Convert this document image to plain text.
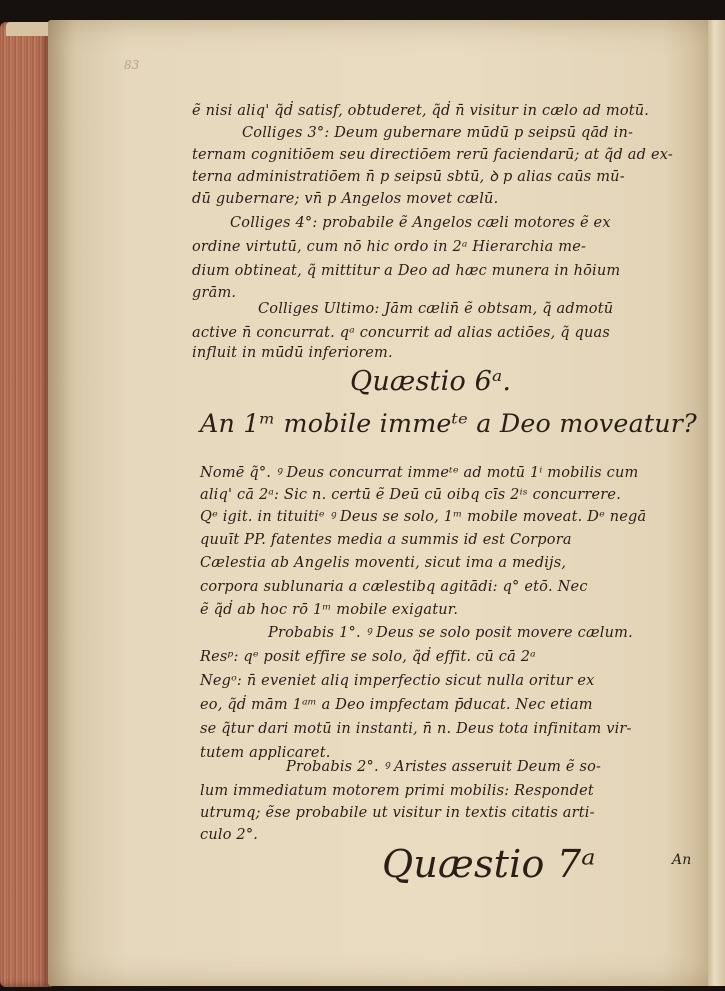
83
ẽ nisi aliq' q̃ḋ satisf, obtuderet, q̃ḋ n̄ visitur in cælo ad motū.
Colliges 3°: Deum gubernare mūdū p seipsū qād in-
ternam cognitiōem seu directiōem rerū faciendarū; at q̃d ad ex-
terna administratiōem n̄ p seipsū sbtū, ꝺ p alias caūs mū-
dū gubernare; vn̄ p Angelos movet cælū.
Colliges 4°: probabile ẽ Angelos cæli motores ẽ ex
ordine virtutū, cum nō hic ordo in 2ᵃ Hierarchia me-
dium obtineat, q̃ mittitur a Deo ad hæc munera in hōium
grām.
Colliges Ultimo: Jām cælin̄ ẽ obtsam, q̃ admotū
active n̄ concurrat. qᵃ concurrit ad alias actiōes, q̃ quas
influit in mūdū inferiorem.
Quæstio 6ᵃ.
An 1ᵐ mobile immeᵗᵉ a Deo moveatur?
Nomē q̃°. ꝰ Deus concurrat immeᵗᵉ ad motū 1ⁱ mobilis cum
aliq' cā 2ᵃ: Sic n. certū ẽ Deū cū oibq cīs 2ⁱˢ concurrere.
Qᵉ igit. in tituitiᵉ ꝰ Deus se solo, 1ᵐ mobile moveat. Dᵉ negā
quuīt PP. fatentes media a summis id est Corpora
Cælestia ab Angelis moventi, sicut ima a medijs,
corpora sublunaria a cælestibq agitādi: q° etō. Nec
ẽ q̃ḋ ab hoc rō 1ᵐ mobile exigatur.
Probabis 1°. ꝰ Deus se solo posit movere cælum.
Resᵖ: qᵉ posit effire se solo, q̃ḋ effit. cū cā 2ᵃ
Negᵒ: n̄ eveniet aliq imperfectio sicut nulla oritur ex
eo, q̃ḋ mām 1ᵃᵐ a Deo impfectam p̄ducat. Nec etiam
se q̃tur dari motū in instanti, n̄ n. Deus tota infinitam vir-
tutem applicaret.
Probabis 2°. ꝰ Aristes asseruit Deum ẽ so-
lum immediatum motorem primi mobilis: Respondet
utrumq; ẽse probabile ut visitur in textis citatis arti-
culo 2°.
Quæstio 7ᵃ	An
